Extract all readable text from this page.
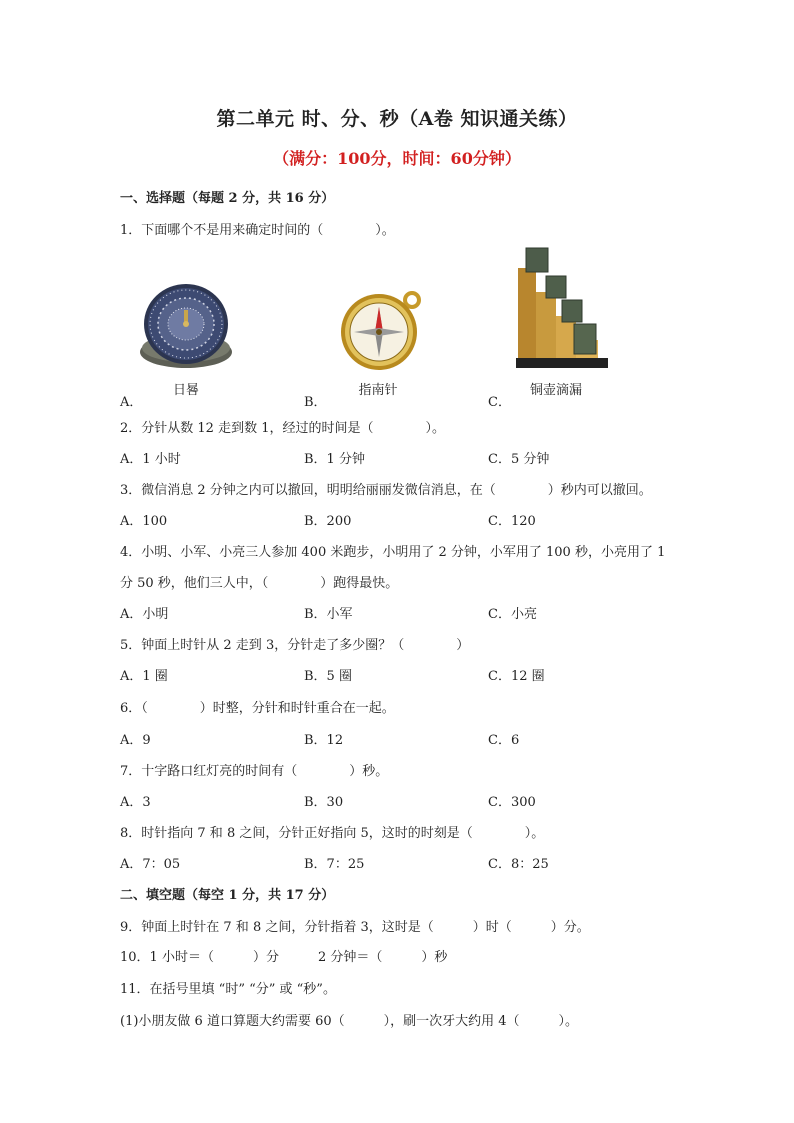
第二单元 时、分、秒（A卷 知识通关练）
（满分：100分，时间：60分钟）
一、选择题（每题 2 分，共 16 分）
1．下面哪个不是用来确定时间的（　　　　）。
A．
日晷
B．
指南针
C．
铜壶滴漏
2．分针从数 12 走到数 1，经过的时间是（　　　　）。
A．1 小时	B．1 分钟	C．5 分钟
3．微信消息 2 分钟之内可以撤回，明明给丽丽发微信消息，在（　　　　）秒内可以撤回。
A．100	B．200	C．120
4．小明、小军、小亮三人参加 400 米跑步，小明用了 2 分钟，小军用了 100 秒，小亮用了 1
分 50 秒，他们三人中，（　　　　）跑得最快。
A．小明	B．小军	C．小亮
5．钟面上时针从 2 走到 3，分针走了多少圈？（　　　　）
A．1 圈	B．5 圈	C．12 圈
6．（　　　　）时整，分针和时针重合在一起。
A．9	B．12	C．6
7．十字路口红灯亮的时间有（　　　　）秒。
A．3	B．30	C．300
8．时针指向 7 和 8 之间，分针正好指向 5，这时的时刻是（　　　　）。
A．7：05	B．7：25	C．8：25
二、填空题（每空 1 分，共 17 分）
9．钟面上时针在 7 和 8 之间，分针指着 3，这时是（　　　）时（　　　）分。
10．1 小时＝（　　　）分　　　2 分钟＝（　　　）秒
11．在括号里填 “时” “分” 或 “秒”。
(1)小朋友做 6 道口算题大约需要 60（　　　），刷一次牙大约用 4（　　　）。
